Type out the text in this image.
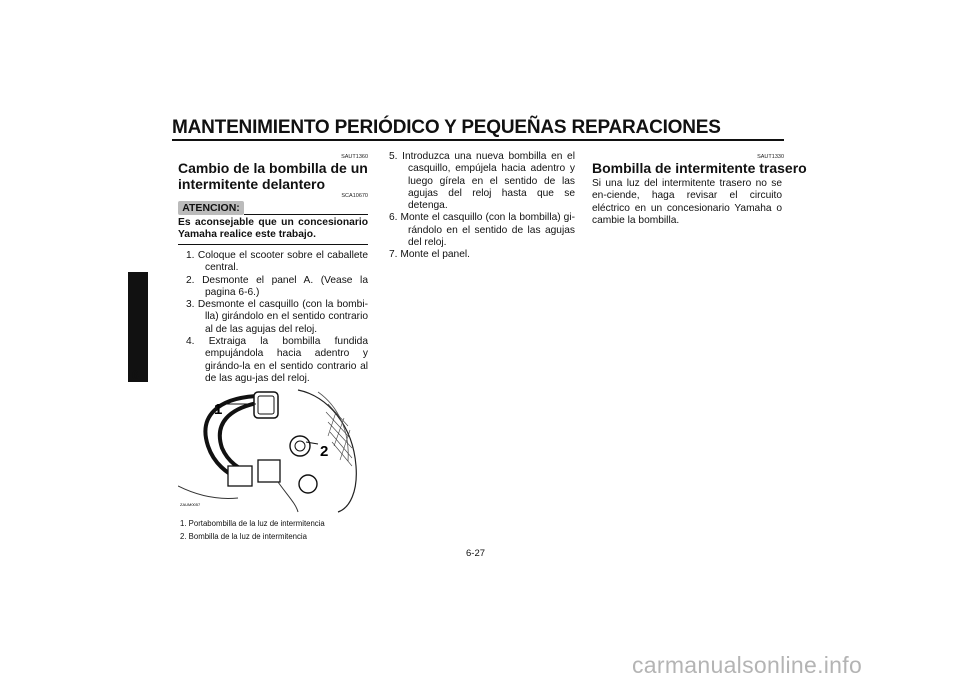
MANTENIMIENTO PERIÓDICO Y PEQUEÑAS REPARACIONES
6
SAUT1360
Cambio de la bombilla de un
intermitente delantero
SCA10670
ATENCION:
Es aconsejable que un concesionario Yamaha realice este trabajo.
1. Coloque el scooter sobre el caballete central.
2. Desmonte el panel A. (Vease la pagina 6-6.)
3. Desmonte el casquillo (con la bombi-lla) girándolo en el sentido contrario al de las agujas del reloj.
4. Extraiga la bombilla fundida empujándola hacia adentro y girándo-la en el sentido contrario al de las agu-jas del reloj.
1
2
ZAUM0057
1. Portabombilla de la luz de intermitencia
2. Bombilla de la luz de intermitencia
5. Introduzca una nueva bombilla en el casquillo, empújela hacia adentro y luego gírela en el sentido de las agujas del reloj hasta que se detenga.
6. Monte el casquillo (con la bombilla) gi-rándolo en el sentido de las agujas del reloj.
7. Monte el panel.
SAUT1330
Bombilla de intermitente trasero
Si una luz del intermitente trasero no se en-ciende, haga revisar el circuito eléctrico en un concesionario Yamaha o cambie la bombilla.
6-27
carmanualsonline.info
